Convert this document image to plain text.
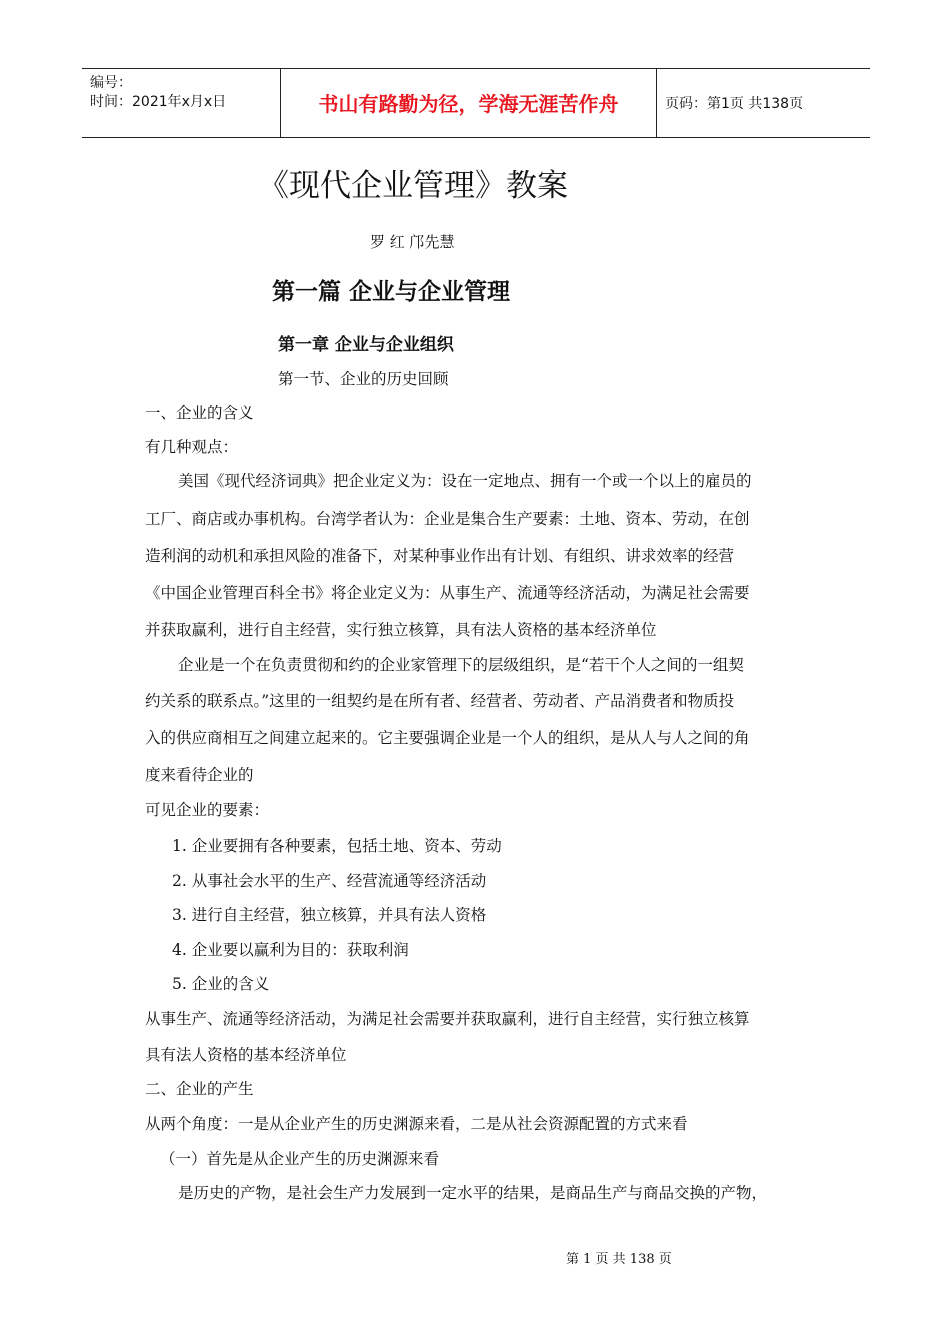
编号：
时间：2021年x月x日	书山有路勤为径，学海无涯苦作舟	页码：第1页 共138页
《现代企业管理》教案
罗 红 邝先慧
第一篇 企业与企业管理
第一章 企业与企业组织
第一节、企业的历史回顾
一、企业的含义
有几种观点：
美国《现代经济词典》把企业定义为：设在一定地点、拥有一个或一个以上的雇员的
工厂、商店或办事机构。台湾学者认为：企业是集合生产要素：土地、资本、劳动，在创
造利润的动机和承担风险的准备下，对某种事业作出有计划、有组织、讲求效率的经营
《中国企业管理百科全书》将企业定义为：从事生产、流通等经济活动，为满足社会需要
并获取赢利，进行自主经营，实行独立核算，具有法人资格的基本经济单位
企业是一个在负责贯彻和约的企业家管理下的层级组织，是“若干个人之间的一组契
约关系的联系点。”这里的一组契约是在所有者、经营者、劳动者、产品消费者和物质投
入的供应商相互之间建立起来的。它主要强调企业是一个人的组织，是从人与人之间的角
度来看待企业的
可见企业的要素：
1. 企业要拥有各种要素，包括土地、资本、劳动
2. 从事社会水平的生产、经营流通等经济活动
3. 进行自主经营，独立核算，并具有法人资格
4. 企业要以赢利为目的：获取利润
5. 企业的含义
从事生产、流通等经济活动，为满足社会需要并获取赢利，进行自主经营，实行独立核算
具有法人资格的基本经济单位
二、企业的产生
从两个角度：一是从企业产生的历史渊源来看，二是从社会资源配置的方式来看
（一）首先是从企业产生的历史渊源来看
是历史的产物，是社会生产力发展到一定水平的结果，是商品生产与商品交换的产物，
第 1 页 共 138 页
